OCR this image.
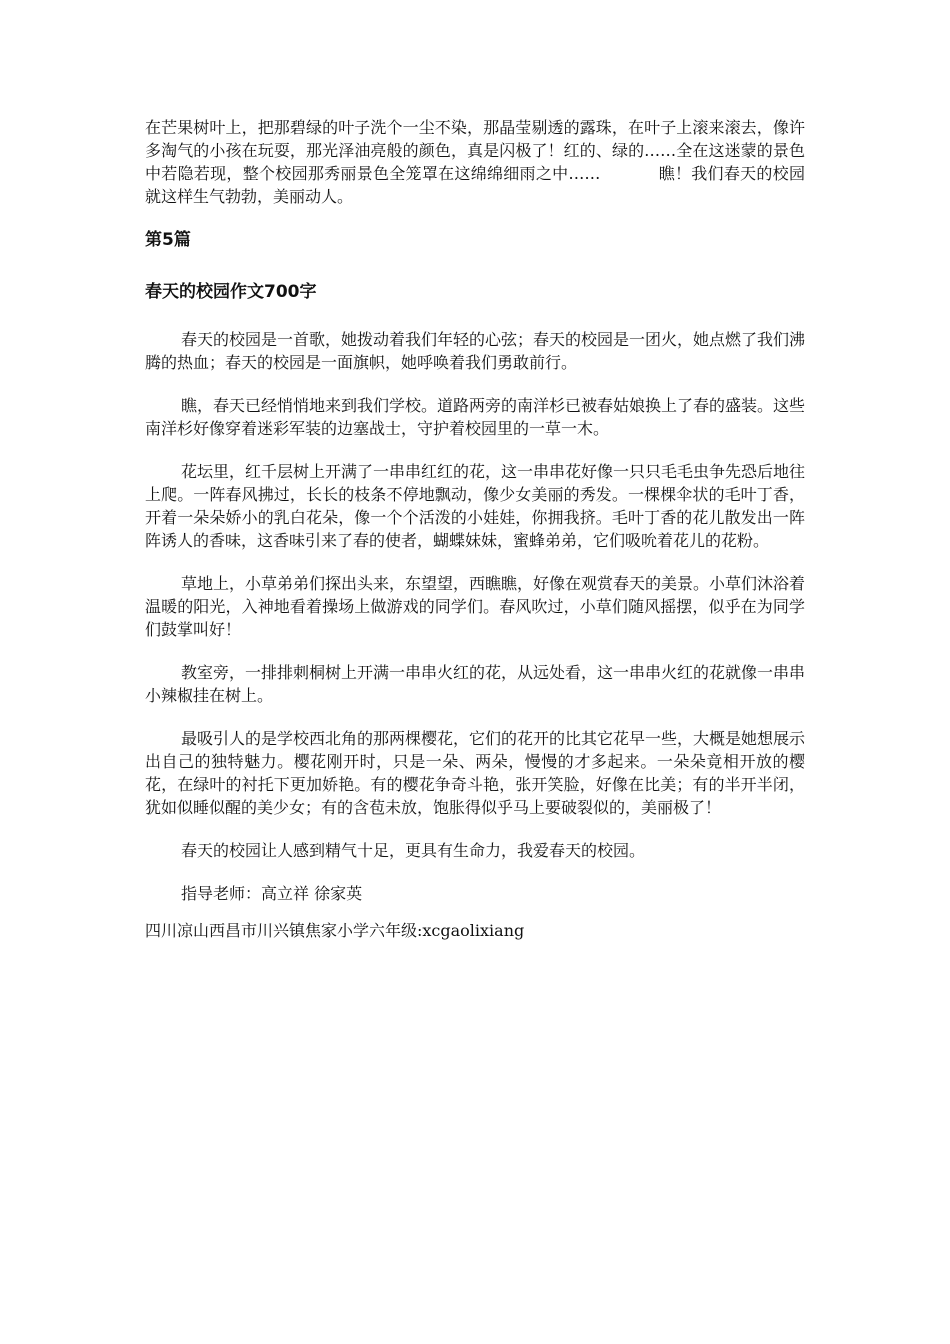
在芒果树叶上，把那碧绿的叶子洗个一尘不染，那晶莹剔透的露珠，在叶子上滚来滚去，像许多淘气的小孩在玩耍，那光泽油亮般的颜色，真是闪极了！红的、绿的……全在这迷蒙的景色中若隐若现，整个校园那秀丽景色全笼罩在这绵绵细雨之中……	瞧！我们春天的校园就这样生气勃勃，美丽动人。

第5篇
春天的校园作文700字

春天的校园是一首歌，她拨动着我们年轻的心弦；春天的校园是一团火，她点燃了我们沸腾的热血；春天的校园是一面旗帜，她呼唤着我们勇敢前行。

瞧，春天已经悄悄地来到我们学校。道路两旁的南洋杉已被春姑娘换上了春的盛装。这些南洋杉好像穿着迷彩军装的边塞战士，守护着校园里的一草一木。

花坛里，红千层树上开满了一串串红红的花，这一串串花好像一只只毛毛虫争先恐后地往上爬。一阵春风拂过，长长的枝条不停地飘动，像少女美丽的秀发。一棵棵伞状的毛叶丁香，开着一朵朵娇小的乳白花朵，像一个个活泼的小娃娃，你拥我挤。毛叶丁香的花儿散发出一阵阵诱人的香味，这香味引来了春的使者，蝴蝶妹妹，蜜蜂弟弟，它们吸吮着花儿的花粉。

草地上，小草弟弟们探出头来，东望望，西瞧瞧，好像在观赏春天的美景。小草们沐浴着温暖的阳光，入神地看着操场上做游戏的同学们。春风吹过，小草们随风摇摆，似乎在为同学们鼓掌叫好！

教室旁，一排排刺桐树上开满一串串火红的花，从远处看，这一串串火红的花就像一串串小辣椒挂在树上。

最吸引人的是学校西北角的那两棵樱花，它们的花开的比其它花早一些，大概是她想展示出自己的独特魅力。樱花刚开时，只是一朵、两朵，慢慢的才多起来。一朵朵竟相开放的樱花，在绿叶的衬托下更加娇艳。有的樱花争奇斗艳，张开笑脸，好像在比美；有的半开半闭，犹如似睡似醒的美少女；有的含苞未放，饱胀得似乎马上要破裂似的，美丽极了！

春天的校园让人感到精气十足，更具有生命力，我爱春天的校园。

指导老师：高立祥 徐家英

四川凉山西昌市川兴镇焦家小学六年级:xcgaolixiang
